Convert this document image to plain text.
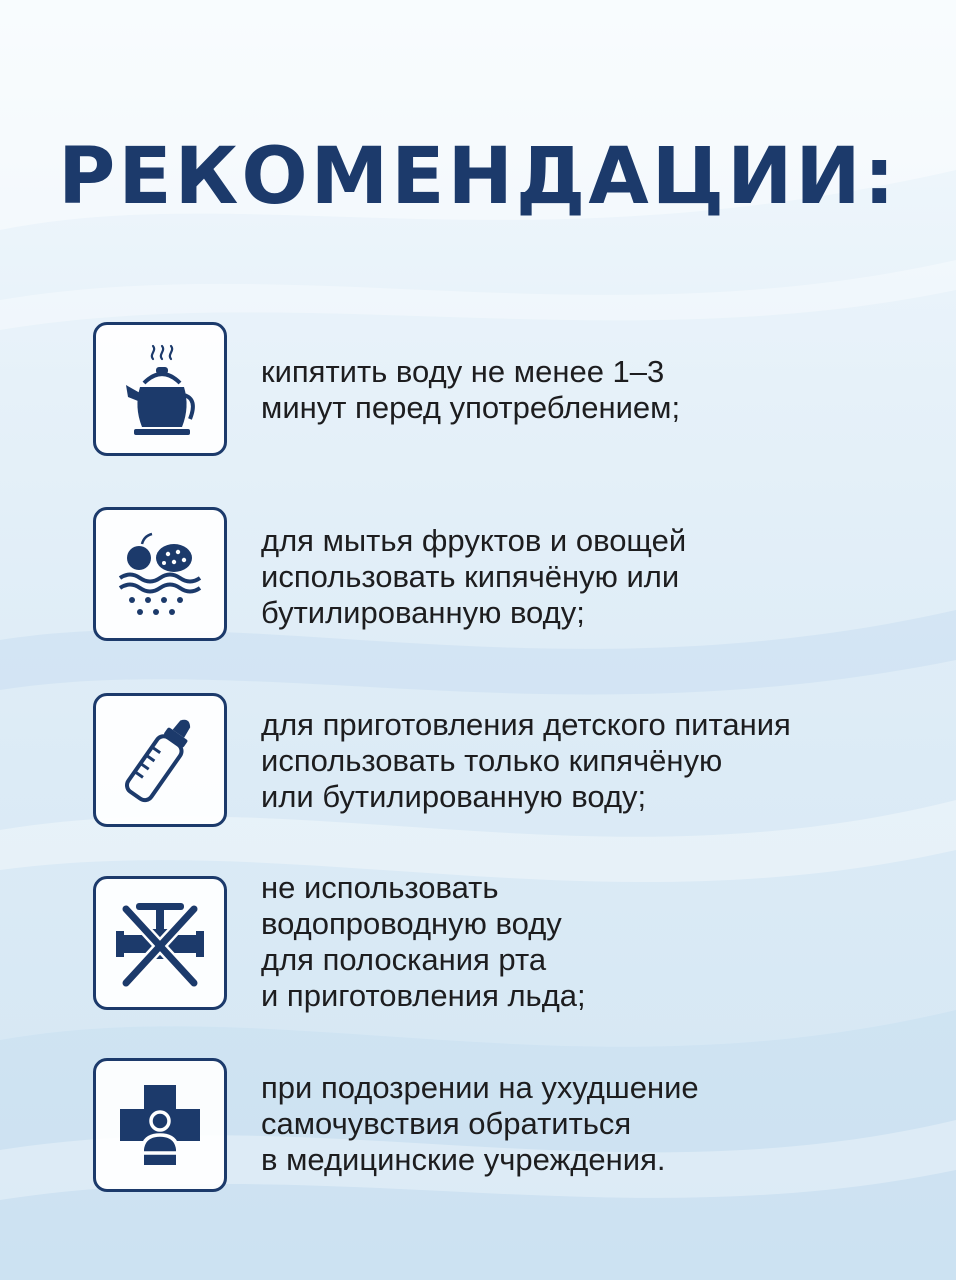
РЕКОМЕНДАЦИИ:
кипятить воду не менее 1–3
минут перед употреблением;
для мытья фруктов и овощей
использовать кипячёную или
бутилированную воду;
для приготовления детского питания
использовать только кипячёную
или бутилированную воду;
не использовать
водопроводную воду
для полоскания рта
и приготовления льда;
при подозрении на ухудшение
самочувствия обратиться
в медицинские учреждения.
